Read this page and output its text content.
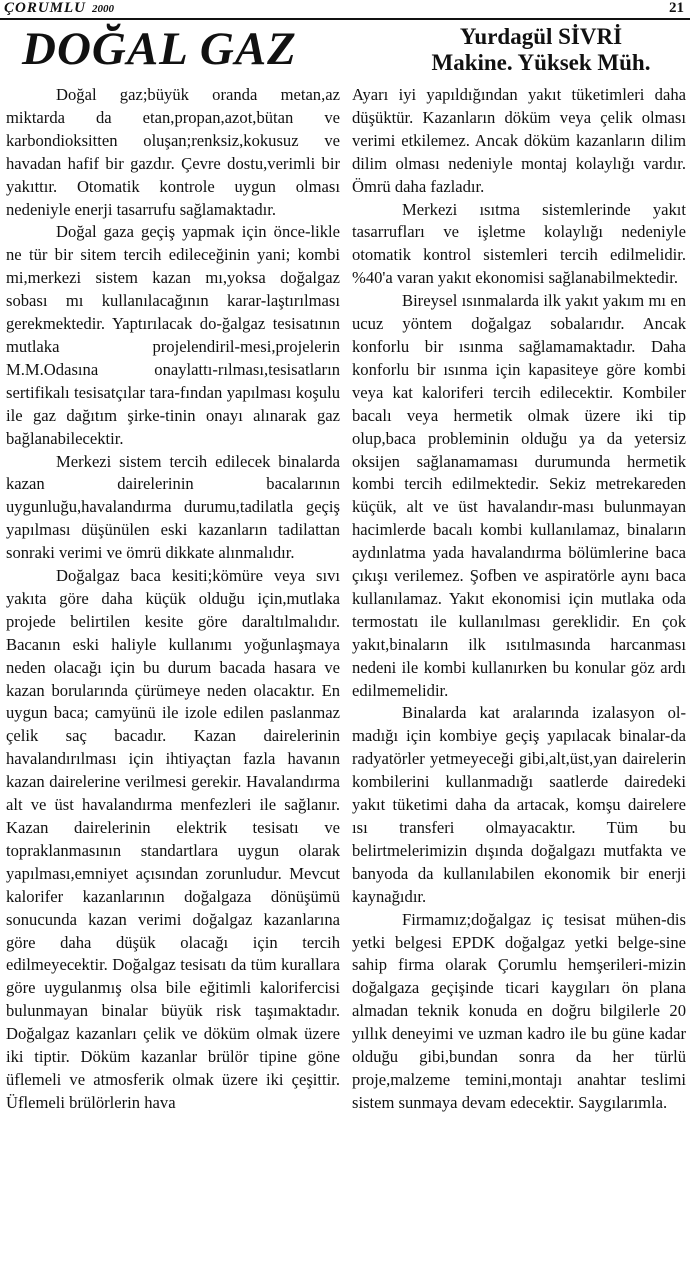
ÇORUMLU 2000	21
DOĞAL GAZ	Yurdagül SİVRİ
Makine. Yüksek Müh.

Doğal gaz;büyük oranda metan,az miktarda da etan,propan,azot,bütan ve karbondioksitten oluşan;renksiz,kokusuz ve havadan hafif bir gazdır. Çevre dostu,verimli bir yakıttır. Otomatik kontrole uygun olması nedeniyle enerji tasarrufu sağlamaktadır.

Doğal gaza geçiş yapmak için önce-likle ne tür bir sitem tercih edileceğinin yani; kombi mi,merkezi sistem kazan mı,yoksa doğalgaz sobası mı kullanılacağının karar-laştırılması gerekmektedir. Yaptırılacak do-ğalgaz tesisatının mutlaka projelendiril-mesi,projelerin M.M.Odasına onaylattı-rılması,tesisatların sertifikalı tesisatçılar tara-fından yapılması koşulu ile gaz dağıtım şirke-tinin onayı alınarak gaz bağlanabilecektir.

Merkezi sistem tercih edilecek binalarda kazan dairelerinin bacalarının uygunluğu,havalandırma durumu,tadilatla geçiş yapılması düşünülen eski kazanların tadilattan sonraki verimi ve ömrü dikkate alınmalıdır.

Doğalgaz baca kesiti;kömüre veya sıvı yakıta göre daha küçük olduğu için,mutlaka projede belirtilen kesite göre daraltılmalıdır. Bacanın eski haliyle kullanımı yoğunlaşmaya neden olacağı için bu durum bacada hasara ve kazan borularında çürümeye neden olacaktır. En uygun baca; camyünü ile izole edilen paslanmaz çelik saç bacadır. Kazan dairelerinin havalandırılması için ihtiyaçtan fazla havanın kazan dairelerine verilmesi gerekir. Havalandırma alt ve üst havalandırma menfezleri ile sağlanır. Kazan dairelerinin elektrik tesisatı ve topraklanmasının standartlara uygun olarak yapılması,emniyet açısından zorunludur. Mevcut kalorifer kazanlarının doğalgaza dönüşümü sonucunda kazan verimi doğalgaz kazanlarına göre daha düşük olacağı için tercih edilmeyecektir. Doğalgaz tesisatı da tüm kurallara göre uygulanmış olsa bile eğitimli kalorifercisi bulunmayan binalar büyük risk taşımaktadır. Doğalgaz kazanları çelik ve döküm olmak üzere iki tiptir. Döküm kazanlar brülör tipine göne üflemeli ve atmosferik olmak üzere iki çeşittir. Üflemeli brülörlerin hava

Ayarı iyi yapıldığından yakıt tüketimleri daha düşüktür. Kazanların döküm veya çelik olması verimi etkilemez. Ancak döküm kazanların dilim dilim olması nedeniyle montaj kolaylığı vardır. Ömrü daha fazladır.

Merkezi ısıtma sistemlerinde yakıt tasarrufları ve işletme kolaylığı nedeniyle otomatik kontrol sistemleri tercih edilmelidir. %40'a varan yakıt ekonomisi sağlanabilmektedir.

Bireysel ısınmalarda ilk yakıt yakım mı en ucuz yöntem doğalgaz sobalarıdır. Ancak konforlu bir ısınma sağlamamaktadır. Daha konforlu bir ısınma için kapasiteye göre kombi veya kat kaloriferi tercih edilecektir. Kombiler bacalı veya hermetik olmak üzere iki tip olup,baca probleminin olduğu ya da yetersiz oksijen sağlanamaması durumunda hermetik kombi tercih edilmektedir. Sekiz metrekareden küçük, alt ve üst havalandır-ması bulunmayan hacimlerde bacalı kombi kullanılamaz, binaların aydınlatma yada havalandırma bölümlerine baca çıkışı verilemez. Şofben ve aspiratörle aynı baca kullanılamaz. Yakıt ekonomisi için mutlaka oda termostatı ile kullanılması gereklidir. En çok yakıt,binaların ilk ısıtılmasında harcanması nedeni ile kombi kullanırken bu konular göz ardı edilmemelidir.

Binalarda kat aralarında izalasyon ol-madığı için kombiye geçiş yapılacak binalar-da radyatörler yetmeyeceği gibi,alt,üst,yan dairelerin kombilerini kullanmadığı saatlerde dairedeki yakıt tüketimi daha da artacak, komşu dairelere ısı transferi olmayacaktır. Tüm bu belirtmelerimizin dışında doğalgazı mutfakta ve banyoda da kullanılabilen ekonomik bir enerji kaynağıdır.

Firmamız;doğalgaz iç tesisat mühen-dis yetki belgesi EPDK doğalgaz yetki belge-sine sahip firma olarak Çorumlu hemşerileri-mizin doğalgaza geçişinde ticari kaygıları ön plana almadan teknik konuda en doğru bilgilerle 20 yıllık deneyimi ve uzman kadro ile bu güne kadar olduğu gibi,bundan sonra da her türlü proje,malzeme temini,montajı anahtar teslimi sistem sunmaya devam edecektir. Saygılarımla.
